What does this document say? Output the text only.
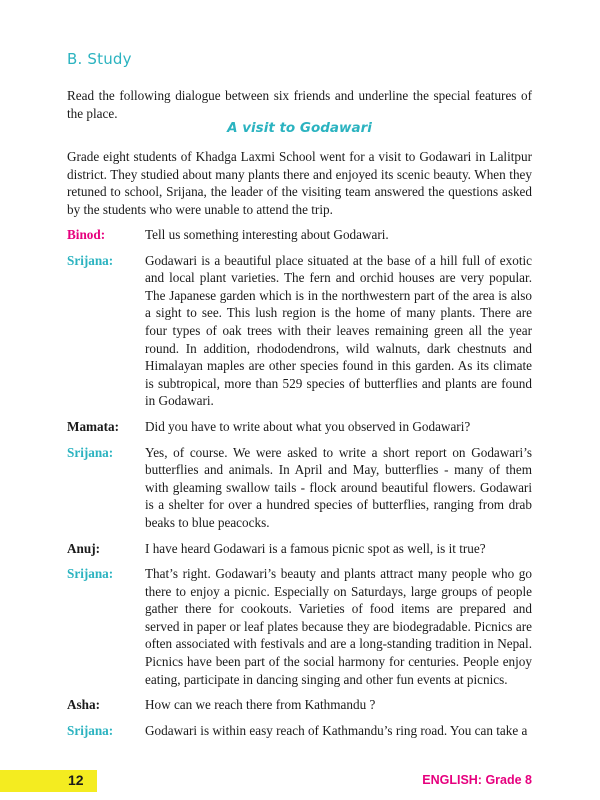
B. Study
Read the following dialogue between six friends and underline the special features of the place.
A visit to Godawari
Grade eight students of Khadga Laxmi School went for a visit to Godawari in Lalitpur district. They studied about many plants there and enjoyed its scenic beauty. When they retuned to school, Srijana, the leader of the visiting team answered the questions asked by the students who were unable to attend the trip.
Binod:	Tell us something interesting about Godawari.
Srijana:	Godawari is a beautiful place situated at the base of a hill full of exotic and local plant varieties. The fern and orchid houses are very popular. The Japanese garden which is in the northwestern part of the area is also a sight to see. This lush region is the home of many plants. There are four types of oak trees with their leaves remaining green all the year round. In addition, rhododendrons, wild walnuts, dark chestnuts and Himalayan maples are other species found in this garden. As its climate is subtropical, more than 529 species of butterflies and plants are found in Godawari.
Mamata:	Did you have to write about what you observed in Godawari?
Srijana:	Yes, of course. We were asked to write a short report on Godawari’s butterflies and animals. In April and May, butterflies - many of them with gleaming swallow tails - flock around beautiful flowers. Godawari is a shelter for over a hundred species of butterflies, ranging from drab beaks to blue peacocks.
Anuj:	I have heard Godawari is a famous picnic spot as well, is it true?
Srijana:	That’s right. Godawari’s beauty and plants attract many people who go there to enjoy a picnic. Especially on Saturdays, large groups of people gather there for cookouts. Varieties of food items are prepared and served in paper or leaf plates because they are biodegradable. Picnics are often associated with festivals and are a long-standing tradition in Nepal. Picnics have been part of the social harmony for centuries. People enjoy eating, participate in dancing singing and other fun events at picnics.
Asha:	How can we reach there from Kathmandu ?
Srijana:	Godawari is within easy reach of Kathmandu’s ring road. You can take a
12	ENGLISH: Grade 8
